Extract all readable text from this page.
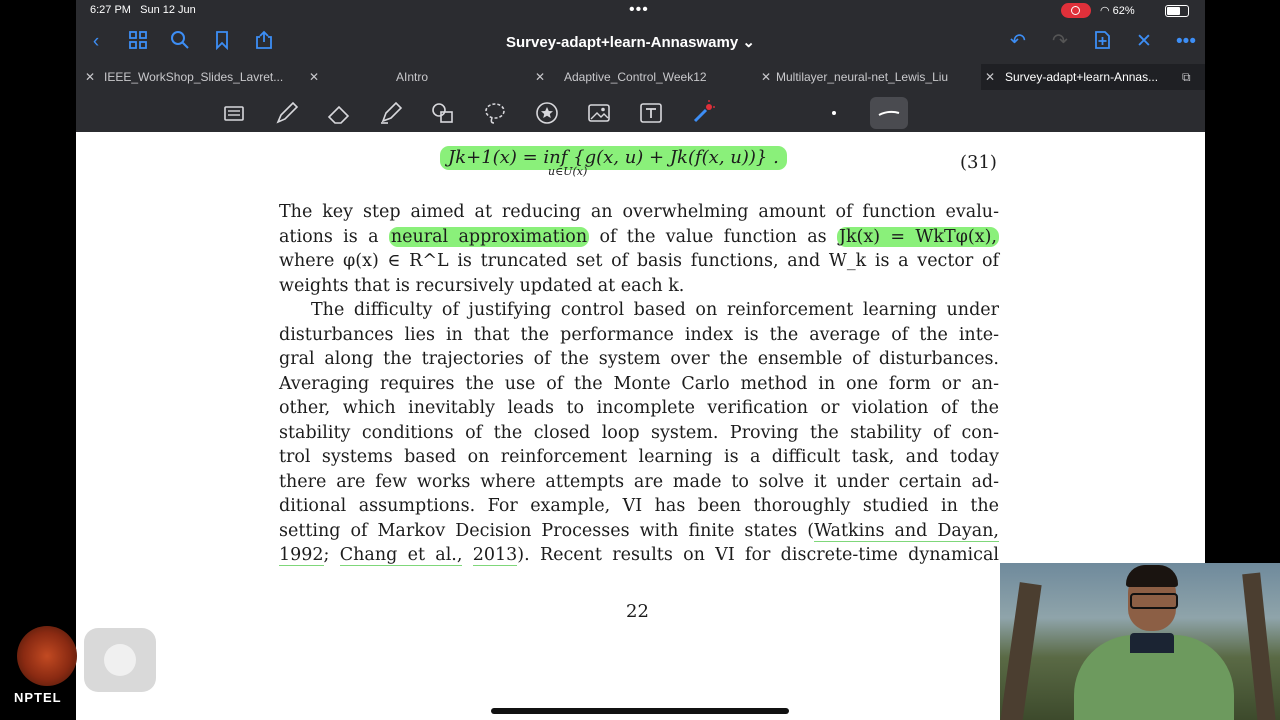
6:27 PM Sun 12 Jun	•••	◠ 62%
‹	Survey-adapt+learn-Annaswamy ⌄	↶ ↷	✕ •••
✕ IEEE_WorkShop_Slides_Lavret... ✕	AIntro	✕ Adaptive_Control_Week12	✕ Multilayer_neural-net_Lewis_Liu	✕ Survey-adapt+learn-Annas... ⧉
Jk+1(x) = inf {g(x, u) + Jk(f(x, u))} .
u∈U(x)	(31)
The key step aimed at reducing an overwhelming amount of function evalu-
ations is a neural approximation of the value function as Jk(x) = WkTφ(x),
where φ(x) ∈ R^L is truncated set of basis functions, and W_k is a vector of
weights that is recursively updated at each k.
The difficulty of justifying control based on reinforcement learning under
disturbances lies in that the performance index is the average of the inte-
gral along the trajectories of the system over the ensemble of disturbances.
Averaging requires the use of the Monte Carlo method in one form or an-
other, which inevitably leads to incomplete verification or violation of the
stability conditions of the closed loop system. Proving the stability of con-
trol systems based on reinforcement learning is a difficult task, and today
there are few works where attempts are made to solve it under certain ad-
ditional assumptions. For example, VI has been thoroughly studied in the
setting of Markov Decision Processes with finite states (Watkins and Dayan,
1992; Chang et al., 2013). Recent results on VI for discrete-time dynamical
22
NPTEL
